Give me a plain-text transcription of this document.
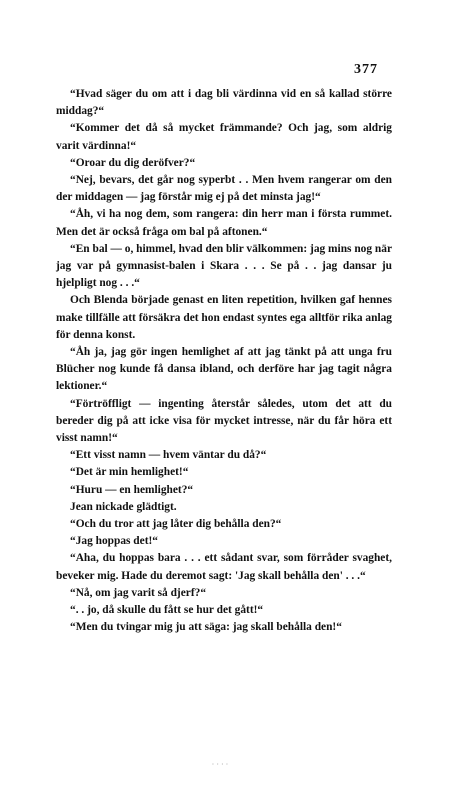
377

“Hvad säger du om att i dag bli värdinna vid en så kallad större middag?“

“Kommer det då så mycket främmande? Och jag, som aldrig varit värdinna!“

“Oroar du dig deröfver?“

“Nej, bevars, det går nog syperbt . . Men hvem rangerar om den der middagen — jag förstår mig ej på det minsta jag!“

“Åh, vi ha nog dem, som rangera: din herr man i första rummet. Men det är också fråga om bal på aftonen.“

“En bal — o, himmel, hvad den blir välkommen: jag mins nog när jag var på gymnasist-balen i Skara . . . Se på . . jag dansar ju hjelpligt nog . . .“

Och Blenda började genast en liten repetition, hvilken gaf hennes make tillfälle att försäkra det hon endast syntes ega alltför rika anlag för denna konst.

“Åh ja, jag gör ingen hemlighet af att jag tänkt på att unga fru Blücher nog kunde få dansa ibland, och derföre har jag tagit några lektioner.“

“Förtröffligt — ingenting återstår således, utom det att du bereder dig på att icke visa för mycket intresse, när du får höra ett visst namn!“

“Ett visst namn — hvem väntar du då?“

“Det är min hemlighet!“

“Huru — en hemlighet?“

Jean nickade glädtigt.

“Och du tror att jag låter dig behålla den?“

“Jag hoppas det!“

“Aha, du hoppas bara . . . ett sådant svar, som förråder svaghet, beveker mig. Hade du deremot sagt: 'Jag skall behålla den' . . .“

“Nå, om jag varit så djerf?“

“. . jo, då skulle du fått se hur det gått!“

“Men du tvingar mig ju att säga: jag skall behålla den!“

· · · ·
